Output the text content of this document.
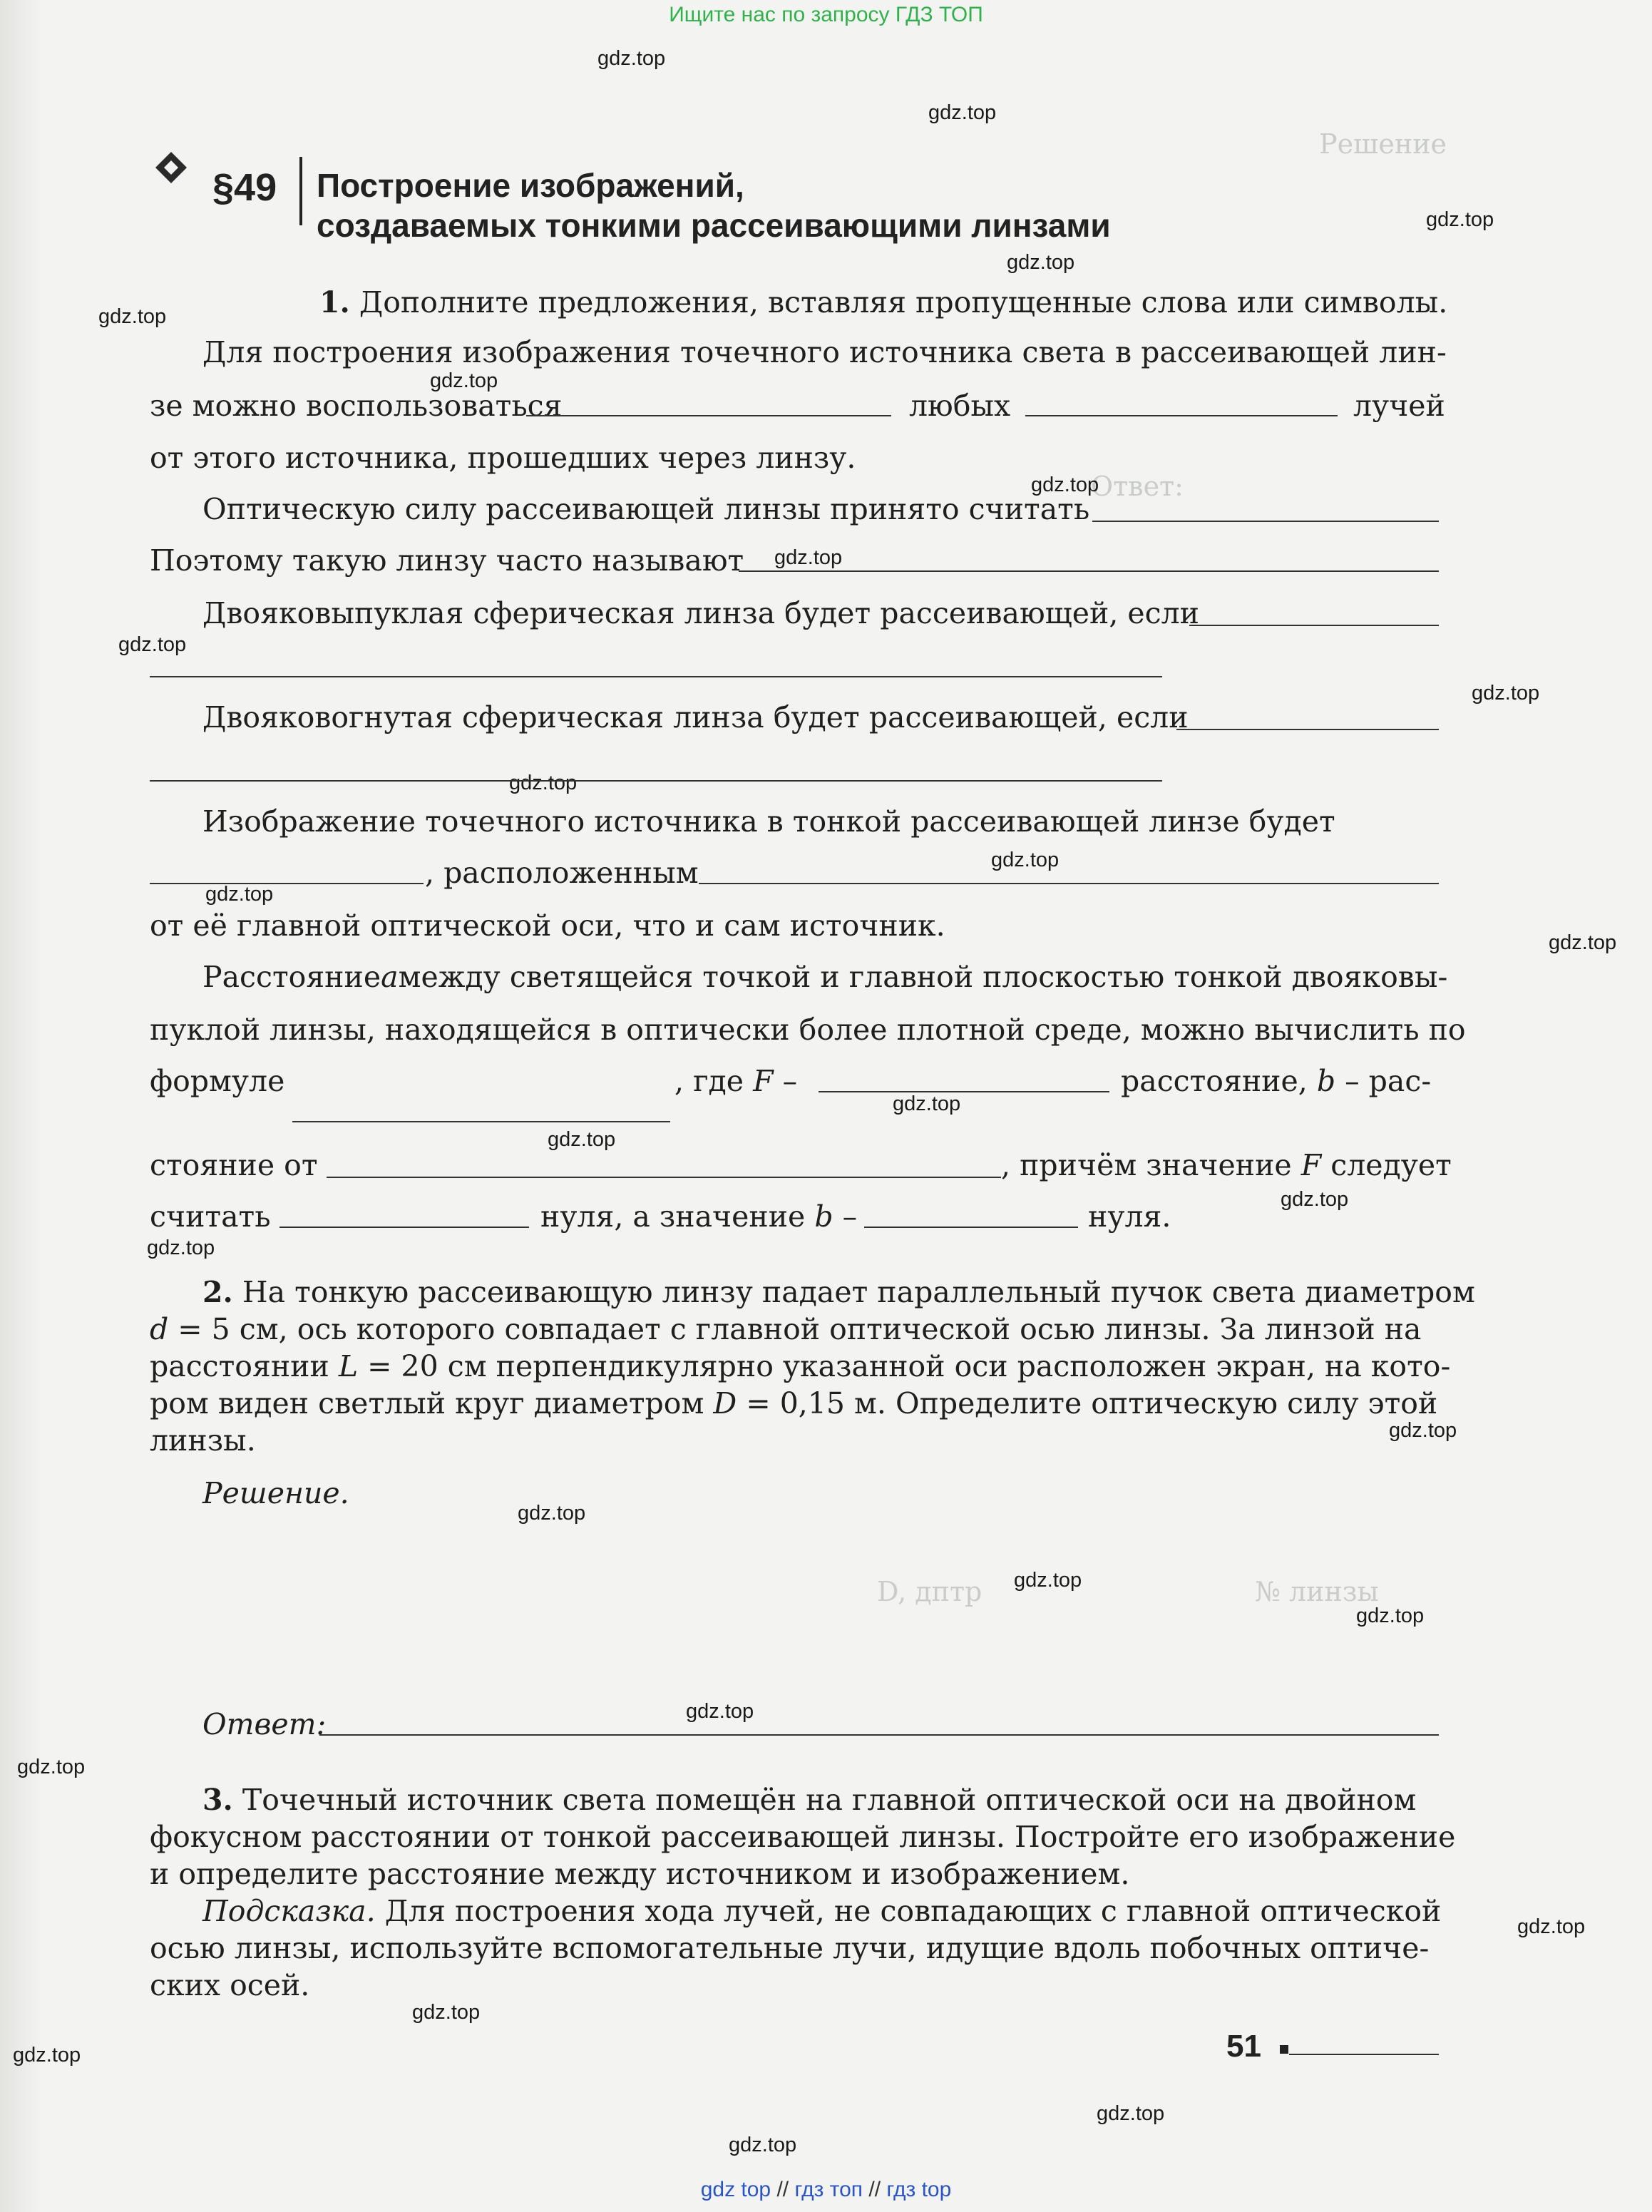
Решение
Ответ:
№ линзы
D, дптр
Ищите нас по запросу ГДЗ ТОП
gdz.top
gdz.top
gdz.top
gdz.top
gdz.top
gdz.top
gdz.top
gdz.top
gdz.top
gdz.top
gdz.top
gdz.top
gdz.top
gdz.top
gdz.top
gdz.top
gdz.top
gdz.top
gdz.top
gdz.top
gdz.top
gdz.top
gdz.top
gdz.top
gdz.top
gdz.top
gdz.top
gdz.top
gdz.top
§49 Построение изображений,
создаваемых тонкими рассеивающими линзами
1. Дополните предложения, вставляя пропущенные слова или символы.
Для построения изображения точечного источника света в рассеивающей лин-
зе можно воспользоваться	любых	лучей
от этого источника, прошедших через линзу.
Оптическую силу рассеивающей линзы принято считать
Поэтому такую линзу часто называют
Двояковыпуклая сферическая линза будет рассеивающей, если
Двояковогнутая сферическая линза будет рассеивающей, если
Изображение точечного источника в тонкой рассеивающей линзе будет
, расположенным
от её главной оптической оси, что и сам источник.
Расстояние a между светящейся точкой и главной плоскостью тонкой двояковы-
пуклой линзы, находящейся в оптически более плотной среде, можно вычислить по
формуле	, где F –	расстояние, b – рас-
стояние от	, причём значение F следует
считать	нуля, а значение b –	нуля.
2. На тонкую рассеивающую линзу падает параллельный пучок света диаметром
d = 5 см, ось которого совпадает с главной оптической осью линзы. За линзой на
расстоянии L = 20 см перпендикулярно указанной оси расположен экран, на кото-
ром виден светлый круг диаметром D = 0,15 м. Определите оптическую силу этой
линзы.
Решение.
Ответ:
3. Точечный источник света помещён на главной оптической оси на двойном
фокусном расстоянии от тонкой рассеивающей линзы. Постройте его изображение
и определите расстояние между источником и изображением.
Подсказка. Для построения хода лучей, не совпадающих с главной оптической
осью линзы, используйте вспомогательные лучи, идущие вдоль побочных оптиче-
ских осей.
51
gdz top // гдз топ // гдз top
